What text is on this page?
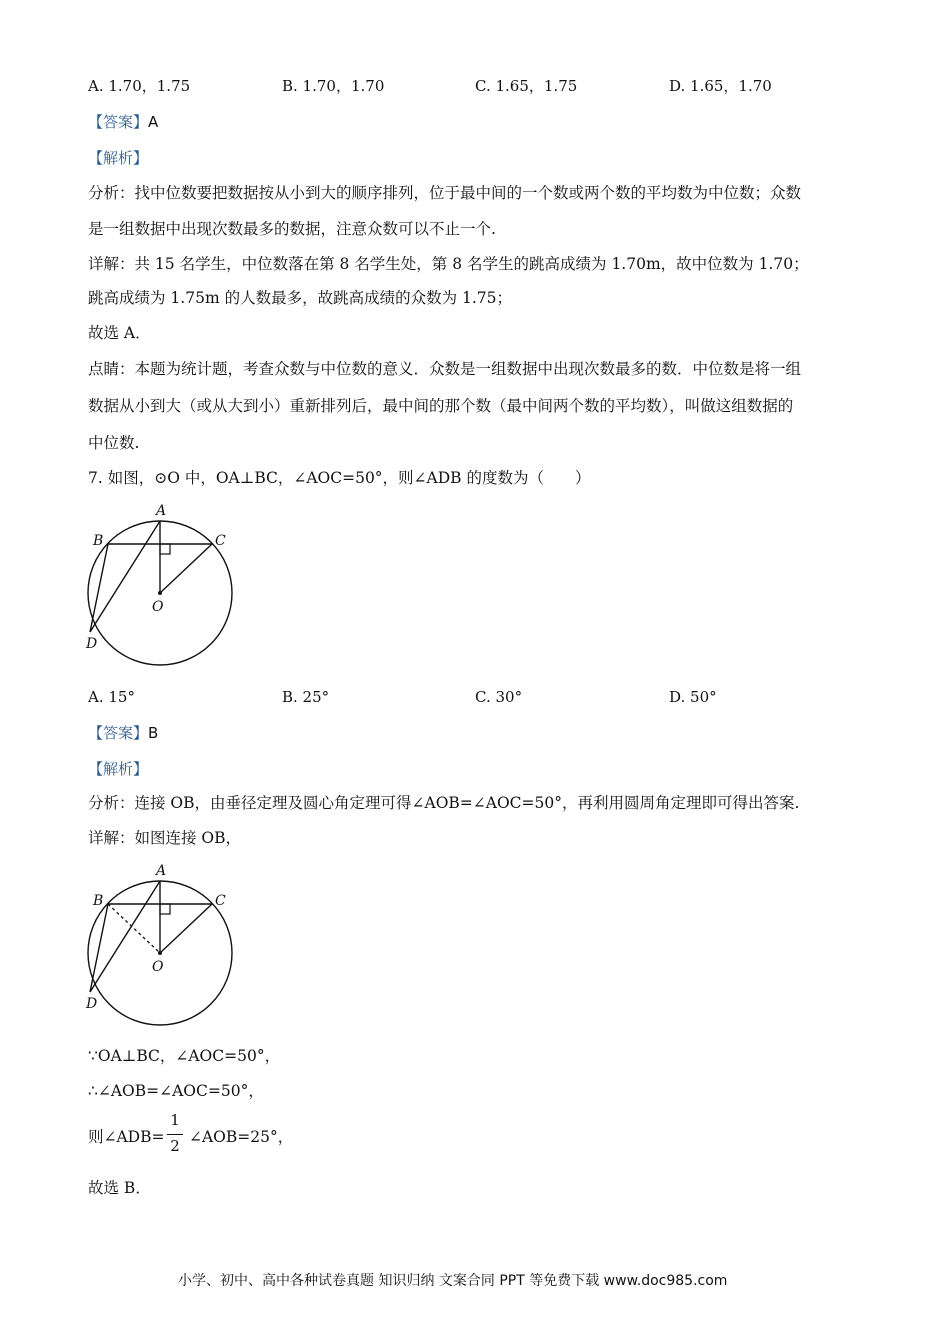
A. 1.70，1.75	B. 1.70，1.70	C. 1.65，1.75	D. 1.65，1.70
【答案】A
【解析】
分析：找中位数要把数据按从小到大的顺序排列，位于最中间的一个数或两个数的平均数为中位数；众数
是一组数据中出现次数最多的数据，注意众数可以不止一个.
详解：共 15 名学生，中位数落在第 8 名学生处，第 8 名学生的跳高成绩为 1.70m，故中位数为 1.70；
跳高成绩为 1.75m 的人数最多，故跳高成绩的众数为 1.75；
故选 A．
点睛：本题为统计题，考查众数与中位数的意义．众数是一组数据中出现次数最多的数．中位数是将一组
数据从小到大（或从大到小）重新排列后，最中间的那个数（最中间两个数的平均数），叫做这组数据的
中位数.
7. 如图，⊙O 中，OA⊥BC，∠AOC=50°，则∠ADB 的度数为（　　）
A
B	C
O
D
A. 15°	B. 25°	C. 30°	D. 50°
【答案】B
【解析】
分析：连接 OB，由垂径定理及圆心角定理可得∠AOB=∠AOC=50°，再利用圆周角定理即可得出答案.
详解：如图连接 OB，
A
B	C
O
D
∵OA⊥BC，∠AOC=50°，
∴∠AOB=∠AOC=50°，
则∠ADB=
1
2 ∠AOB=25°，
故选 B．
小学、初中、高中各种试卷真题 知识归纳 文案合同 PPT 等免费下载 www.doc985.com
